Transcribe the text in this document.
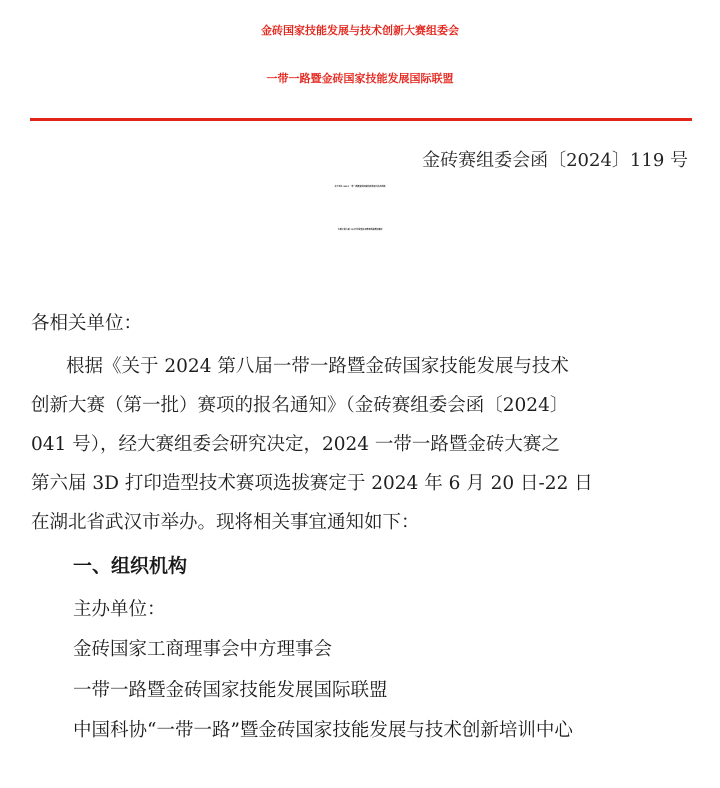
金砖国家技能发展与技术创新大赛组委会
一带一路暨金砖国家技能发展国际联盟
金砖赛组委会函〔2024〕119 号
关于举办 2024 一带一路暨金砖国家技能发展与技术创新
大赛之第六届 3D 打印造型技术赛项选拔赛的通知
各相关单位：
根据《关于 2024 第八届一带一路暨金砖国家技能发展与技术
创新大赛（第一批）赛项的报名通知》（金砖赛组委会函〔2024〕
041 号），经大赛组委会研究决定，2024 一带一路暨金砖大赛之
第六届 3D 打印造型技术赛项选拔赛定于 2024 年 6 月 20 日-22 日
在湖北省武汉市举办。现将相关事宜通知如下：
一、组织机构
主办单位：
金砖国家工商理事会中方理事会
一带一路暨金砖国家技能发展国际联盟
中国科协“一带一路”暨金砖国家技能发展与技术创新培训中心
